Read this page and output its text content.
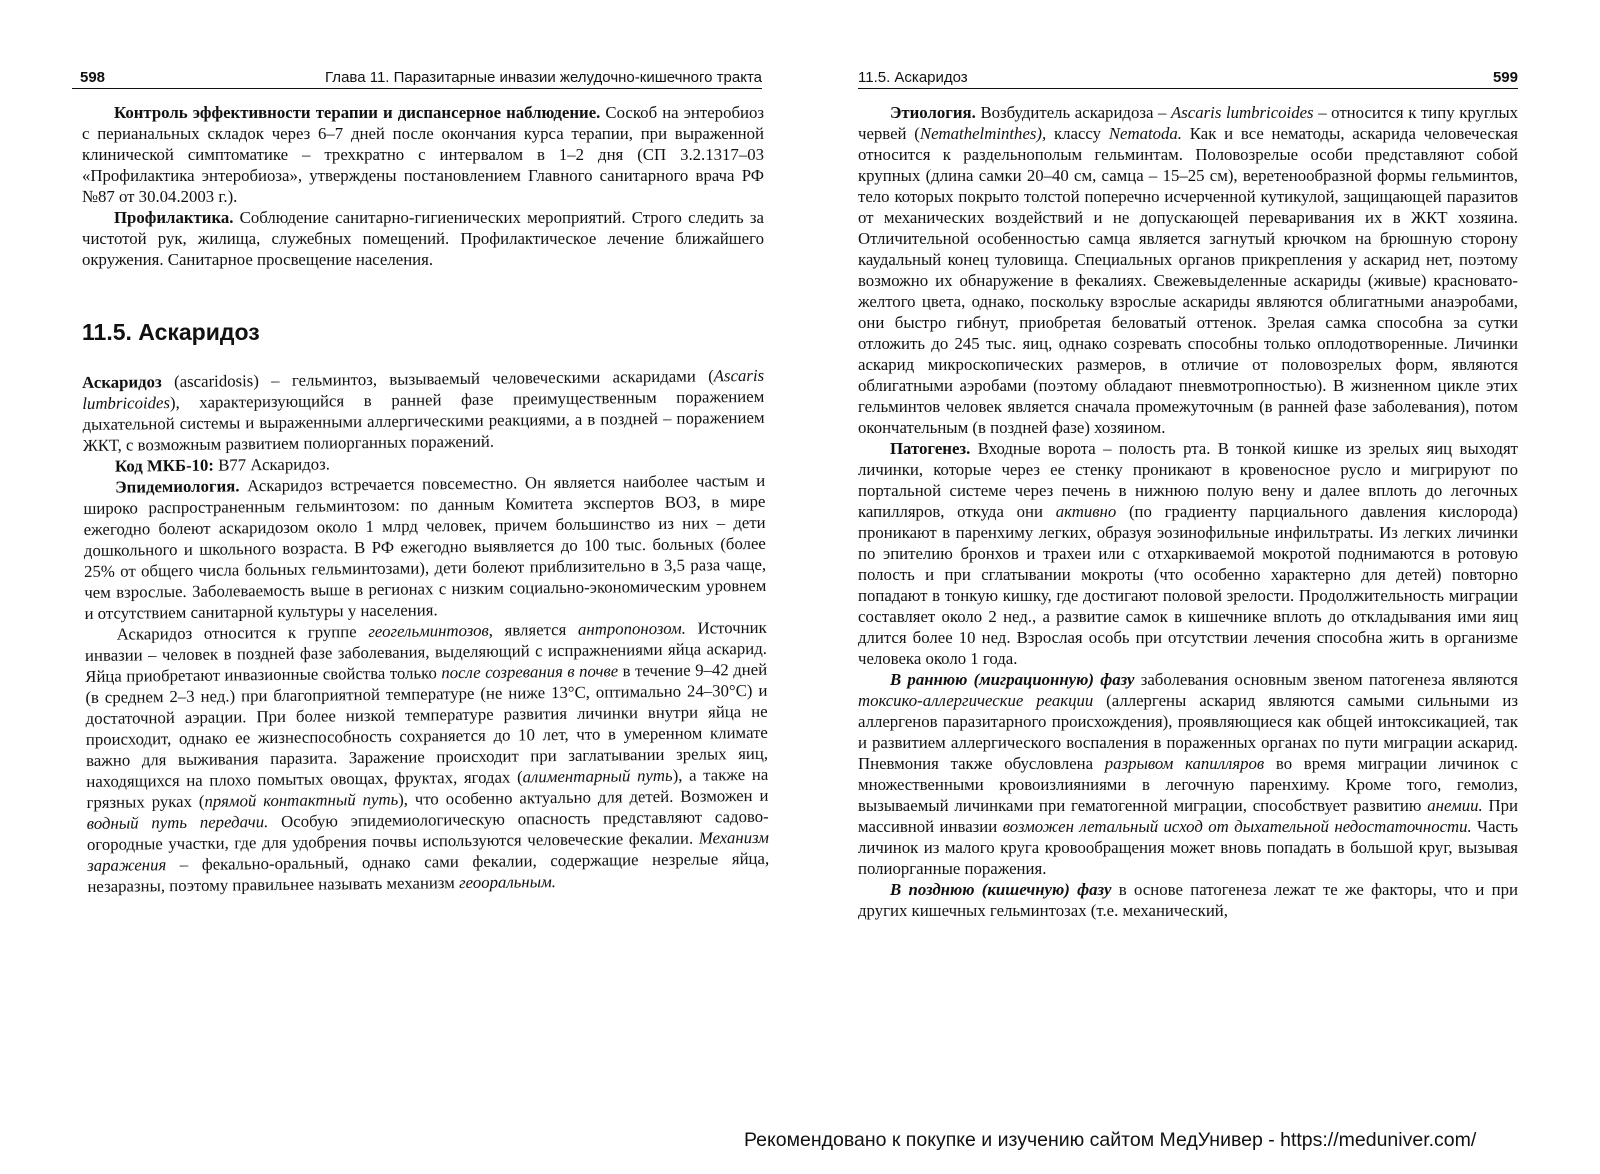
598	Глава 11. Паразитарные инвазии желудочно-кишечного тракта

Контроль эффективности терапии и диспансерное наблюдение. Соскоб на энтеробиоз с перианальных складок через 6–7 дней после окончания курса терапии, при выраженной клинической симптоматике – трехкратно с интервалом в 1–2 дня (СП 3.2.1317–03 «Профилактика энтеробиоза», утверждены постановлением Главного санитарного врача РФ №87 от 30.04.2003 г.).

Профилактика. Соблюдение санитарно-гигиенических мероприятий. Строго следить за чистотой рук, жилища, служебных помещений. Профилактическое лечение ближайшего окружения. Санитарное просвещение населения.

11.5. Аскаридоз

Аскаридоз (ascaridosis) – гельминтоз, вызываемый человеческими аскаридами (Ascaris lumbricoides), характеризующийся в ранней фазе преимущественным поражением дыхательной системы и выраженными аллергическими реакциями, а в поздней – поражением ЖКТ, с возможным развитием полиорганных поражений.

Код МКБ-10: B77 Аскаридоз.

Эпидемиология. Аскаридоз встречается повсеместно. Он является наиболее частым и широко распространенным гельминтозом: по данным Комитета экспертов ВОЗ, в мире ежегодно болеют аскаридозом около 1 млрд человек, причем большинство из них – дети дошкольного и школьного возраста. В РФ ежегодно выявляется до 100 тыс. больных (более 25% от общего числа больных гельминтозами), дети болеют приблизительно в 3,5 раза чаще, чем взрослые. Заболеваемость выше в регионах с низким социально-экономическим уровнем и отсутствием санитарной культуры у населения.

Аскаридоз относится к группе геогельминтозов, является антропонозом. Источник инвазии – человек в поздней фазе заболевания, выделяющий с испражнениями яйца аскарид. Яйца приобретают инвазионные свойства только после созревания в почве в течение 9–42 дней (в среднем 2–3 нед.) при благоприятной температуре (не ниже 13°С, оптимально 24–30°С) и достаточной аэрации. При более низкой температуре развития личинки внутри яйца не происходит, однако ее жизнеспособность сохраняется до 10 лет, что в умеренном климате важно для выживания паразита. Заражение происходит при заглатывании зрелых яиц, находящихся на плохо помытых овощах, фруктах, ягодах (алиментарный путь), а также на грязных руках (прямой контактный путь), что особенно актуально для детей. Возможен и водный путь передачи. Особую эпидемиологическую опасность представляют садово-огородные участки, где для удобрения почвы используются человеческие фекалии. Механизм заражения – фекально-оральный, однако сами фекалии, содержащие незрелые яйца, незаразны, поэтому правильнее называть механизм геооральным.

11.5. Аскаридоз	599

Этиология. Возбудитель аскаридоза – Ascaris lumbricoides – относится к типу круглых червей (Nemathelminthes), классу Nematoda. Как и все нематоды, аскарида человеческая относится к раздельнополым гельминтам. Половозрелые особи представляют собой крупных (длина самки 20–40 см, самца – 15–25 см), веретенообразной формы гельминтов, тело которых покрыто толстой поперечно исчерченной кутикулой, защищающей паразитов от механических воздействий и не допускающей переваривания их в ЖКТ хозяина. Отличительной особенностью самца является загнутый крючком на брюшную сторону каудальный конец туловища. Специальных органов прикрепления у аскарид нет, поэтому возможно их обнаружение в фекалиях. Свежевыделенные аскариды (живые) красновато-желтого цвета, однако, поскольку взрослые аскариды являются облигатными анаэробами, они быстро гибнут, приобретая беловатый оттенок. Зрелая самка способна за сутки отложить до 245 тыс. яиц, однако созревать способны только оплодотворенные. Личинки аскарид микроскопических размеров, в отличие от половозрелых форм, являются облигатными аэробами (поэтому обладают пневмотропностью). В жизненном цикле этих гельминтов человек является сначала промежуточным (в ранней фазе заболевания), потом окончательным (в поздней фазе) хозяином.

Патогенез. Входные ворота – полость рта. В тонкой кишке из зрелых яиц выходят личинки, которые через ее стенку проникают в кровеносное русло и мигрируют по портальной системе через печень в нижнюю полую вену и далее вплоть до легочных капилляров, откуда они активно (по градиенту парциального давления кислорода) проникают в паренхиму легких, образуя эозинофильные инфильтраты. Из легких личинки по эпителию бронхов и трахеи или с отхаркиваемой мокротой поднимаются в ротовую полость и при сглатывании мокроты (что особенно характерно для детей) повторно попадают в тонкую кишку, где достигают половой зрелости. Продолжительность миграции составляет около 2 нед., а развитие самок в кишечнике вплоть до откладывания ими яиц длится более 10 нед. Взрослая особь при отсутствии лечения способна жить в организме человека около 1 года.

В раннюю (миграционную) фазу заболевания основным звеном патогенеза являются токсико-аллергические реакции (аллергены аскарид являются самыми сильными из аллергенов паразитарного происхождения), проявляющиеся как общей интоксикацией, так и развитием аллергического воспаления в пораженных органах по пути миграции аскарид. Пневмония также обусловлена разрывом капилляров во время миграции личинок с множественными кровоизлияниями в легочную паренхиму. Кроме того, гемолиз, вызываемый личинками при гематогенной миграции, способствует развитию анемии. При массивной инвазии возможен летальный исход от дыхательной недостаточности. Часть личинок из малого круга кровообращения может вновь попадать в большой круг, вызывая полиорганные поражения.

В позднюю (кишечную) фазу в основе патогенеза лежат те же факторы, что и при других кишечных гельминтозах (т.е. механический,

Рекомендовано к покупке и изучению сайтом МедУнивер - https://meduniver.com/
